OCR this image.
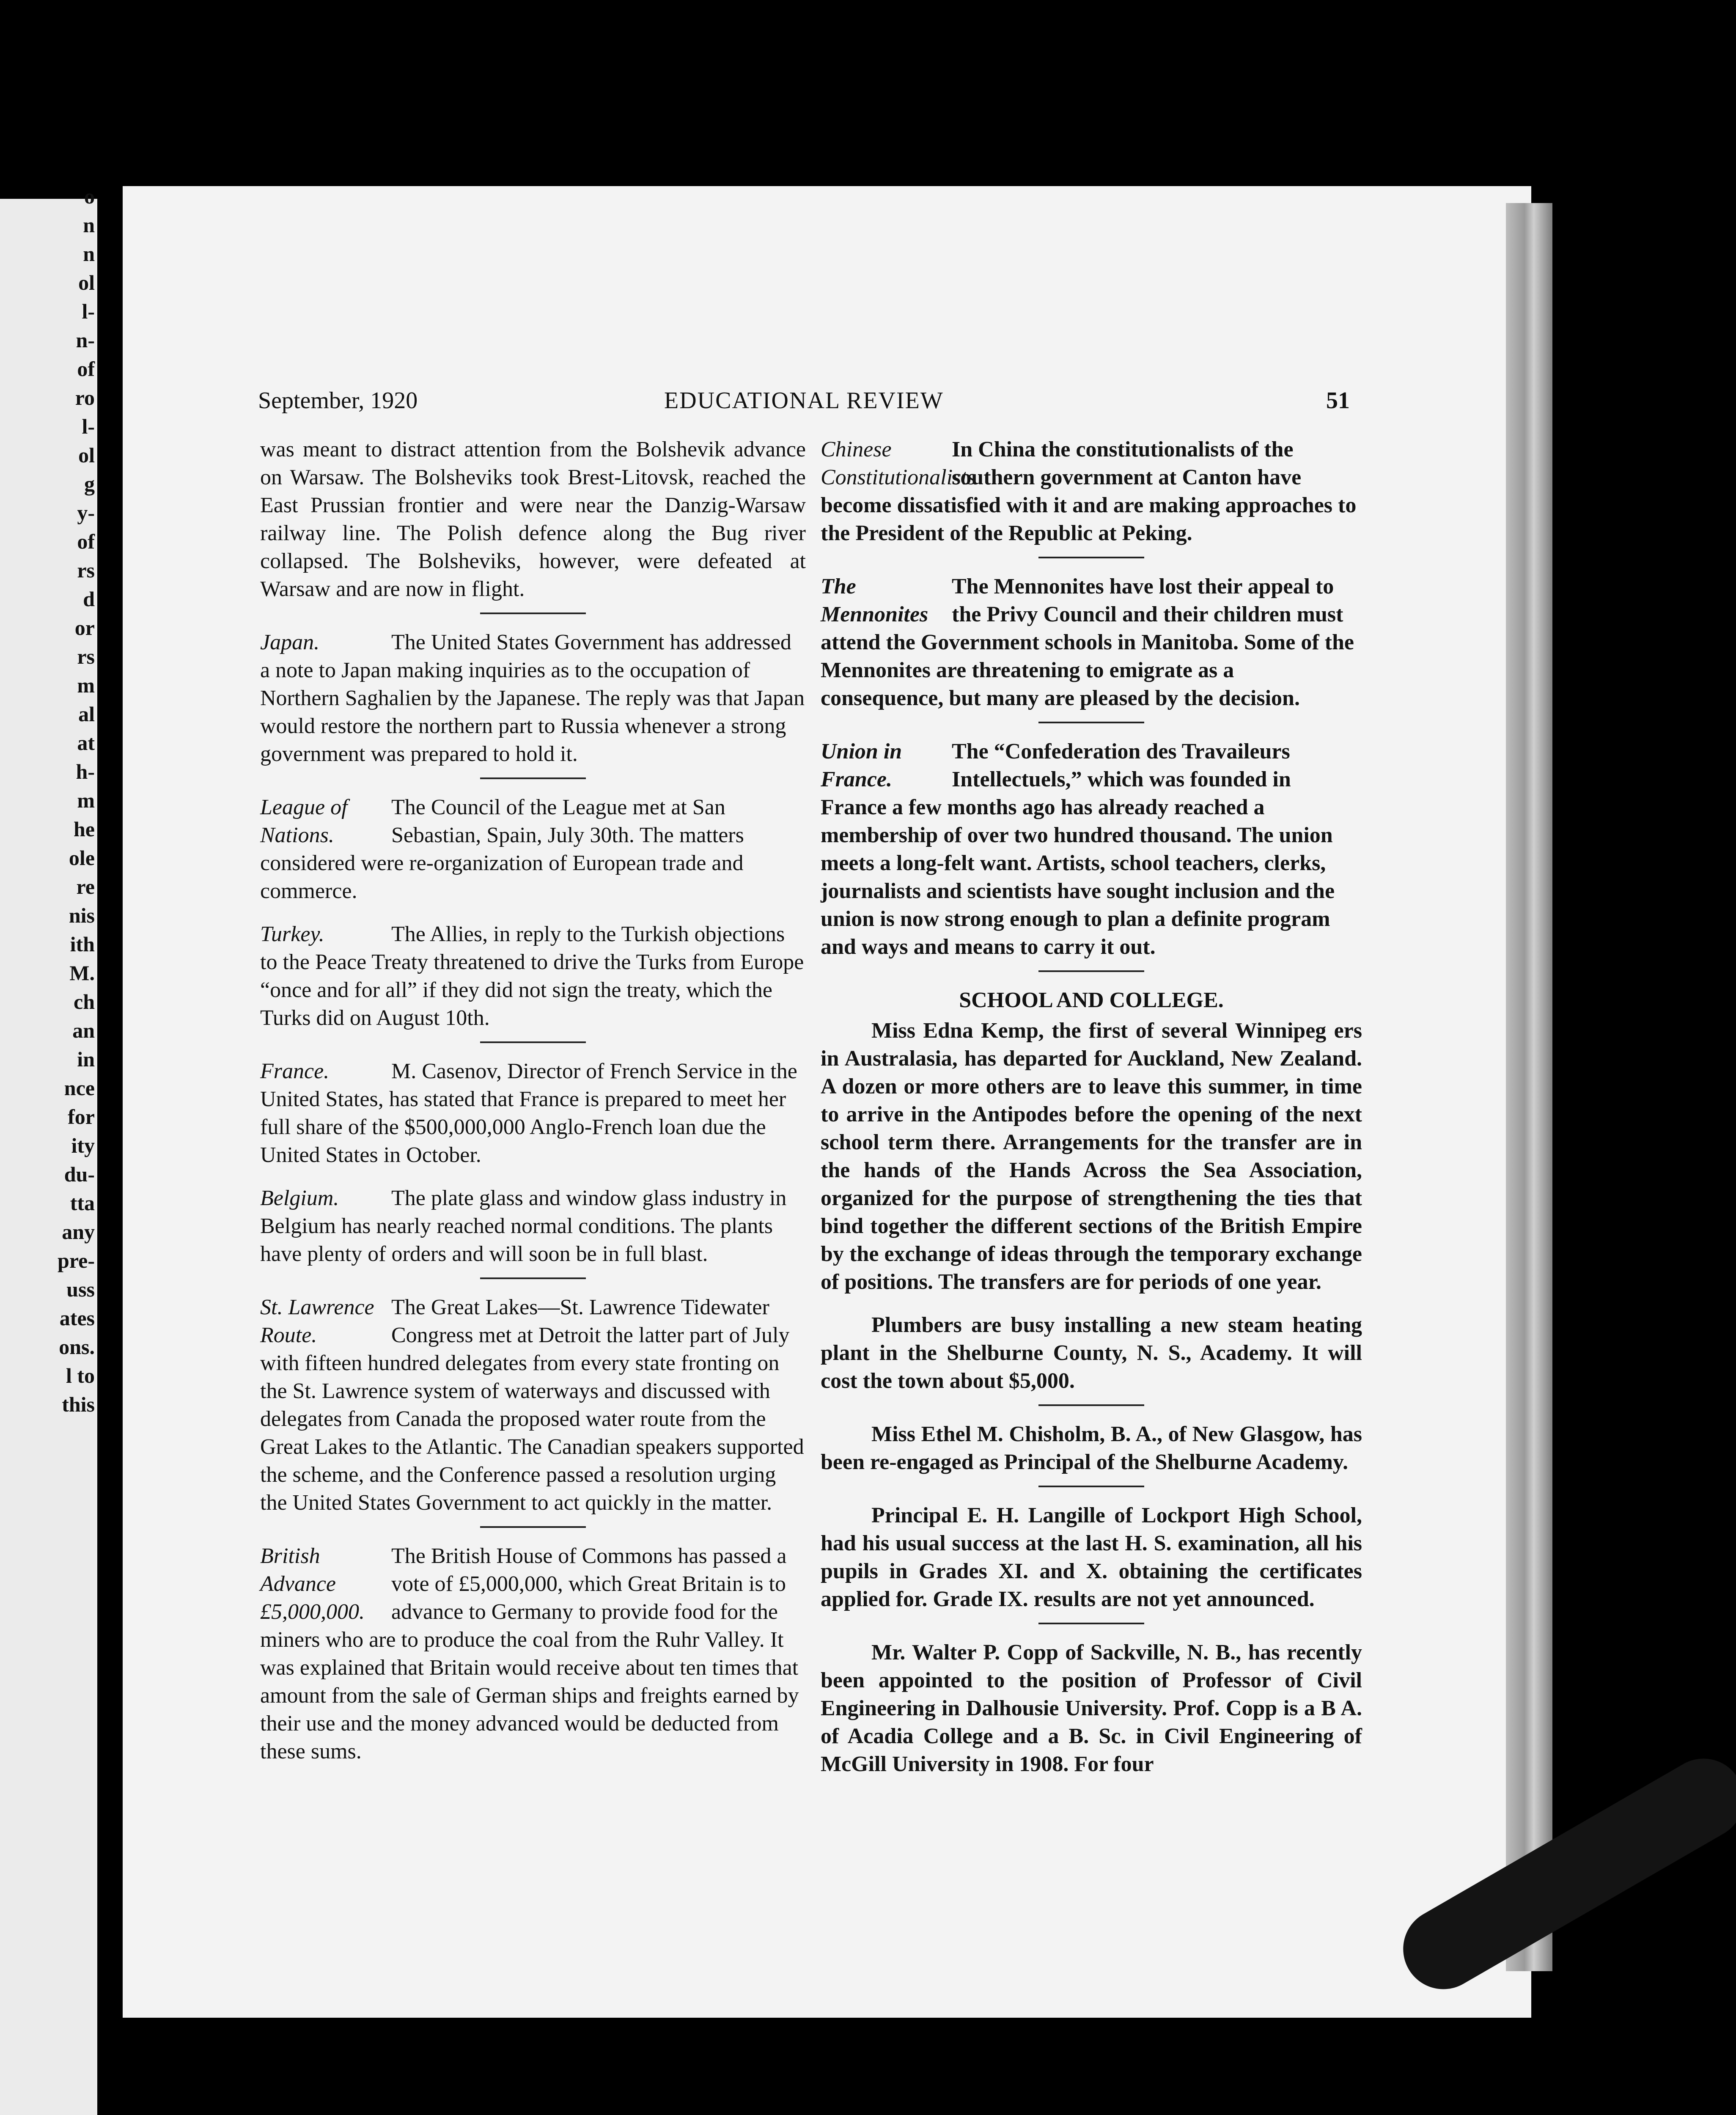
o
n
n
ol
l-
n-
of
ro
l-
ol
g
y-
of
rs
d
or
rs
m
al
at
h-
m
he
ole
re
nis
ith
M.
ch
an
in
nce
for
ity
du-
tta
any
pre-
uss
ates
ons.
l to
this
September, 1920	EDUCATIONAL REVIEW	51

was meant to distract attention from the Bolshevik advance on Warsaw. The Bolsheviks took Brest-Litovsk, reached the East Prussian frontier and were near the Danzig-Warsaw railway line. The Polish defence along the Bug river collapsed. The Bolsheviks, however, were defeated at Warsaw and are now in flight.

Japan.	The United States Government has addressed a note to Japan making inquiries as to the occupation of Northern Saghalien by the Japanese. The reply was that Japan would restore the northern part to Russia whenever a strong government was prepared to hold it.
League of Nations.
The Council of the League met at San Sebastian, Spain, July 30th. The matters considered were re-organization of European trade and commerce.
Turkey.	The Allies, in reply to the Turkish objections to the Peace Treaty threatened to drive the Turks from Europe “once and for all” if they did not sign the treaty, which the Turks did on August 10th.
France.	M. Casenov, Director of French Service in the United States, has stated that France is prepared to meet her full share of the $500,000,000 Anglo-French loan due the United States in October.
Belgium.	The plate glass and window glass industry in Belgium has nearly reached normal conditions. The plants have plenty of orders and will soon be in full blast.
St. Lawrence Route.
The Great Lakes—St. Lawrence Tidewater Congress met at Detroit the latter part of July with fifteen hundred delegates from every state fronting on the St. Lawrence system of waterways and discussed with delegates from Canada the proposed water route from the Great Lakes to the Atlantic. The Canadian speakers supported the scheme, and the Conference passed a resolution urging the United States Government to act quickly in the matter.
British Advance £5,000,000.
The British House of Commons has passed a vote of £5,000,000, which Great Britain is to advance to Germany to provide food for the miners who are to produce the coal from the Ruhr Valley. It was explained that Britain would receive about ten times that amount from the sale of German ships and freights earned by their use and the money advanced would be deducted from these sums.
Chinese Constitutionalists
In China the constitutionalists of the southern government at Canton have become dissatisfied with it and are making approaches to the President of the Republic at Peking.
The Mennonites
The Mennonites have lost their appeal to the Privy Council and their children must attend the Government schools in Manitoba. Some of the Mennonites are threatening to emigrate as a consequence, but many are pleased by the decision.
Union in France.
The “Confederation des Travaileurs Intellectuels,” which was founded in France a few months ago has already reached a membership of over two hundred thousand. The union meets a long-felt want. Artists, school teachers, clerks, journalists and scientists have sought inclusion and the union is now strong enough to plan a definite program and ways and means to carry it out.
SCHOOL AND COLLEGE.

Miss Edna Kemp, the first of several Winnipeg ers in Australasia, has departed for Auckland, New Zealand. A dozen or more others are to leave this summer, in time to arrive in the Antipodes before the opening of the next school term there. Arrangements for the transfer are in the hands of the Hands Across the Sea Association, organized for the purpose of strengthening the ties that bind together the different sections of the British Empire by the exchange of ideas through the temporary exchange of positions. The transfers are for periods of one year.

Plumbers are busy installing a new steam heating plant in the Shelburne County, N. S., Academy. It will cost the town about $5,000.

Miss Ethel M. Chisholm, B. A., of New Glasgow, has been re-engaged as Principal of the Shelburne Academy.

Principal E. H. Langille of Lockport High School, had his usual success at the last H. S. examination, all his pupils in Grades XI. and X. obtaining the certificates applied for. Grade IX. results are not yet announced.

Mr. Walter P. Copp of Sackville, N. B., has recently been appointed to the position of Professor of Civil Engineering in Dalhousie University. Prof. Copp is a B A. of Acadia College and a B. Sc. in Civil Engineering of McGill University in 1908. For four
